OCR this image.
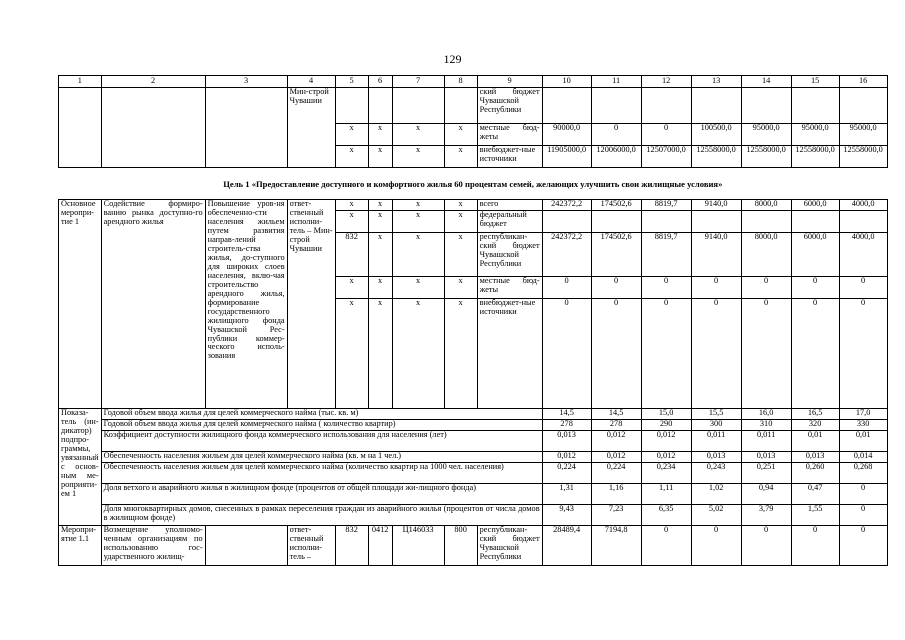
129
1	2	3	4	5	6	7	8	9	10	11	12	13	14	15	16
			Мин-строй Чувашии					ский бюджет Чувашской Республики							
				x	x	x	x	местные бюд-жеты	90000,0	0	0	100500,0	95000,0	95000,0	95000,0
				x	x	x	x	внебюджет-ные источники	11905000,0	12006000,0	12507000,0	12558000,0	12558000,0	12558000,0	12558000,0
Цель 1 «Предоставление доступного и комфортного жилья 60 процентам семей, желающих улучшить свои жилищные условия»															
Основное меропри-тие 1	Содействие формиро-ванию рынка доступно-го арендного жилья	Повышение уров-ня обеспеченно-сти населения жильем путем развития направ-лений строитель-ства жилья, до-ступного для широких слоев населения, вклю-чая строительство арендного жилья, формирование государственного жилищного фонда Чувашской Рес-публики коммер-ческого исполь-зования	ответ-ственный исполни-тель – Мин-строй Чувашии	x	x	x	x	всего	242372,2	174502,6	8819,7	9140,0	8000,0	6000,0	4000,0
				x	x	x	x	федеральный бюджет							
				832	x	x	x	республикан-ский бюджет Чувашской Республики	242372,2	174502,6	8819,7	9140,0	8000,0	6000,0	4000,0
				x	x	x	x	местные бюд-жеты	0	0	0	0	0	0	0
				x	x	x	x	внебюджет-ные источники	0	0	0	0	0	0	0
Показа-тель (ин-дикатор) подпро-граммы, увязанный с основ-ным ме-роприяти-ем 1	Годовой объем ввода жилья для целей коммерческого найма (тыс. кв. м)								14,5	14,5	15,0	15,5	16,0	16,5	17,0
	Годовой объем ввода жилья для целей коммерческого найма ( количество квартир)								278	278	290	300	310	320	330
	Коэффициент доступности жилищного фонда коммерческого использования для населения (лет)								0,013	0,012	0,012	0,011	0,011	0,01	0,01
	Обеспеченность населения жильем для целей коммерческого найма (кв. м на 1 чел.)								0,012	0,012	0,012	0,013	0,013	0,013	0,014
	Обеспеченность населения жильем для целей коммерческого найма (количество квартир на 1000 чел. населения)								0,224	0,224	0,234	0,243	0,251	0,260	0,268
	Доля ветхого и аварийного жилья в жилищном фонде (процентов от общей площади жи-лищного фонда)								1,31	1,16	1,11	1,02	0,94	0,47	0
	Доля многоквартирных домов, снесенных в рамках переселения граждан из аварийного жилья (процентов от числа домов в жилищном фонде)								9,43	7,23	6,35	5,02	3,79	1,55	0
Меропри-ятие 1.1	Возмещение уполномо-ченным организациям по использованию гос-ударственного жилищ-		ответ-ственный исполни-тель –	832	0412	Ц146033	800	республикан-ский бюджет Чувашской Республики	28489,4	7194,8	0	0	0	0	0
